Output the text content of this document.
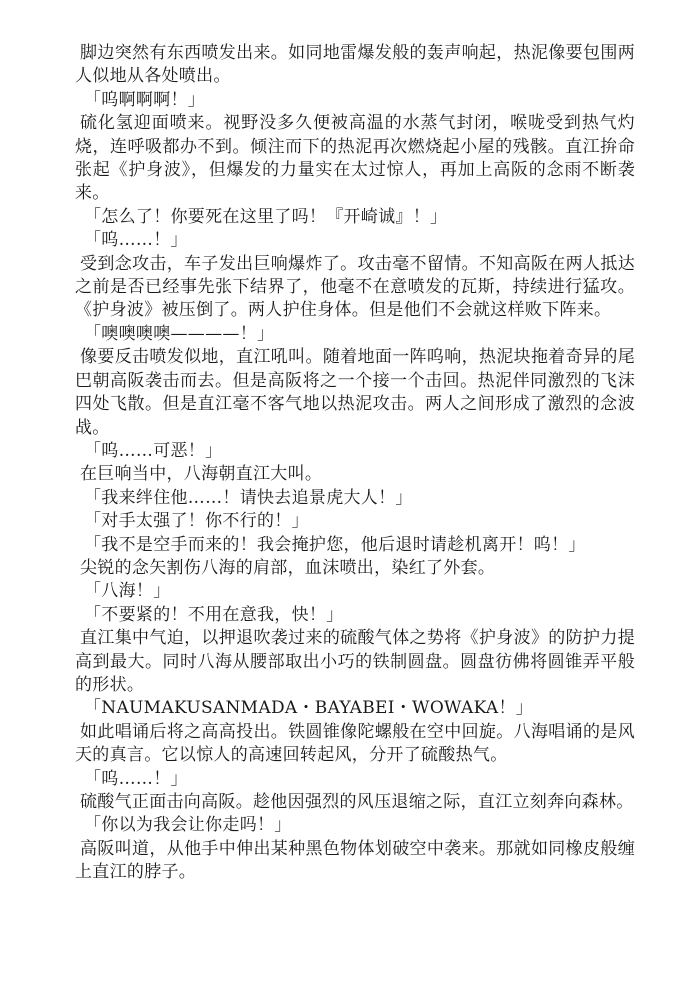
脚边突然有东西喷发出来。如同地雷爆发般的轰声响起，热泥像要包围两人似地从各处喷出。

「呜啊啊啊！」

硫化氢迎面喷来。视野没多久便被高温的水蒸气封闭，喉咙受到热气灼烧，连呼吸都办不到。倾注而下的热泥再次燃烧起小屋的残骸。直江拚命张起《护身波》，但爆发的力量实在太过惊人，再加上高阪的念雨不断袭来。

「怎么了！你要死在这里了吗！『开崎诚』！」

「呜……！」

受到念攻击，车子发出巨响爆炸了。攻击毫不留情。不知高阪在两人抵达之前是否已经事先张下结界了，他毫不在意喷发的瓦斯，持续进行猛攻。《护身波》被压倒了。两人护住身体。但是他们不会就这样败下阵来。

「噢噢噢噢————！」

像要反击喷发似地，直江吼叫。随着地面一阵呜响，热泥块拖着奇异的尾巴朝高阪袭击而去。但是高阪将之一个接一个击回。热泥伴同激烈的飞沫四处飞散。但是直江毫不客气地以热泥攻击。两人之间形成了激烈的念波战。

「呜……可恶！」

在巨响当中，八海朝直江大叫。

「我来绊住他……！请快去追景虎大人！」

「对手太强了！你不行的！」

「我不是空手而来的！我会掩护您，他后退时请趁机离开！呜！」

尖锐的念矢割伤八海的肩部，血沫喷出，染红了外套。

「八海！」

「不要紧的！不用在意我，快！」

直江集中气迫，以押退吹袭过来的硫酸气体之势将《护身波》的防护力提高到最大。同时八海从腰部取出小巧的铁制圆盘。圆盘彷佛将圆锥弄平般的形状。

「NAUMAKUSANMADA・BAYABEI・WOWAKA！」

如此唱诵后将之高高投出。铁圆锥像陀螺般在空中回旋。八海唱诵的是风天的真言。它以惊人的高速回转起风，分开了硫酸热气。

「呜……！」

硫酸气正面击向高阪。趁他因强烈的风压退缩之际，直江立刻奔向森林。

「你以为我会让你走吗！」

高阪叫道，从他手中伸出某种黑色物体划破空中袭来。那就如同橡皮般缠上直江的脖子。
